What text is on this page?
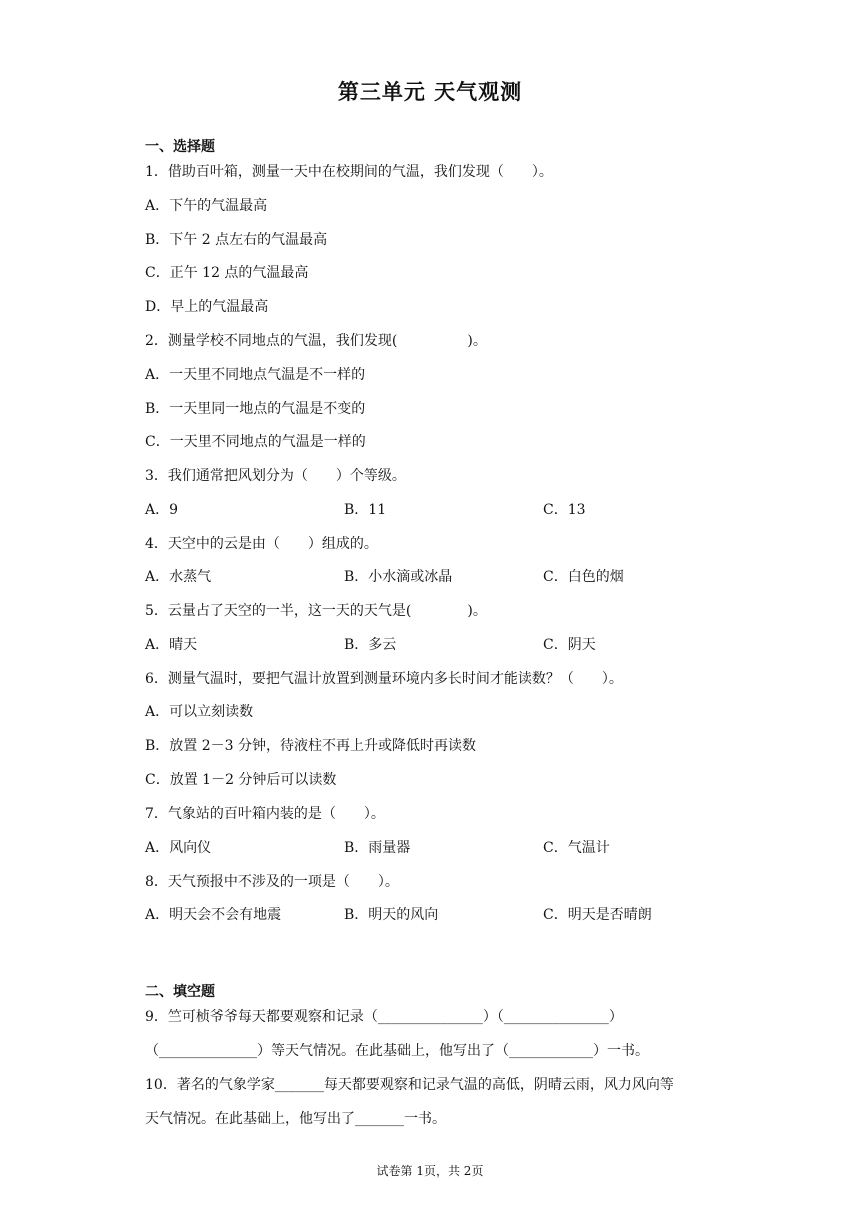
第三单元 天气观测
一、选择题
1．借助百叶箱，测量一天中在校期间的气温，我们发现（　　）。
A．下午的气温最高
B．下午 2 点左右的气温最高
C．正午 12 点的气温最高
D．早上的气温最高
2．测量学校不同地点的气温，我们发现(　　　　　)。
A．一天里不同地点气温是不一样的
B．一天里同一地点的气温是不变的
C．一天里不同地点的气温是一样的
3．我们通常把风划分为（　　）个等级。
A．9	B．11	C．13
4．天空中的云是由（　　）组成的。
A．水蒸气	B．小水滴或冰晶	C．白色的烟
5．云量占了天空的一半，这一天的天气是(　　　　)。
A．晴天	B．多云	C．阴天
6．测量气温时，要把气温计放置到测量环境内多长时间才能读数？（　　）。
A．可以立刻读数
B．放置 2－3 分钟，待液柱不再上升或降低时再读数
C．放置 1－2 分钟后可以读数
7．气象站的百叶箱内装的是（　　）。
A．风向仪	B．雨量器	C．气温计
8．天气预报中不涉及的一项是（　　）。
A．明天会不会有地震	B．明天的风向	C．明天是否晴朗
二、填空题
9．竺可桢爷爷每天都要观察和记录（_______________）（_______________）
（______________）等天气情况。在此基础上，他写出了（____________）一书。
10．著名的气象学家_______每天都要观察和记录气温的高低，阴晴云雨，风力风向等
天气情况。在此基础上，他写出了_______一书。
试卷第 1页，共 2页
